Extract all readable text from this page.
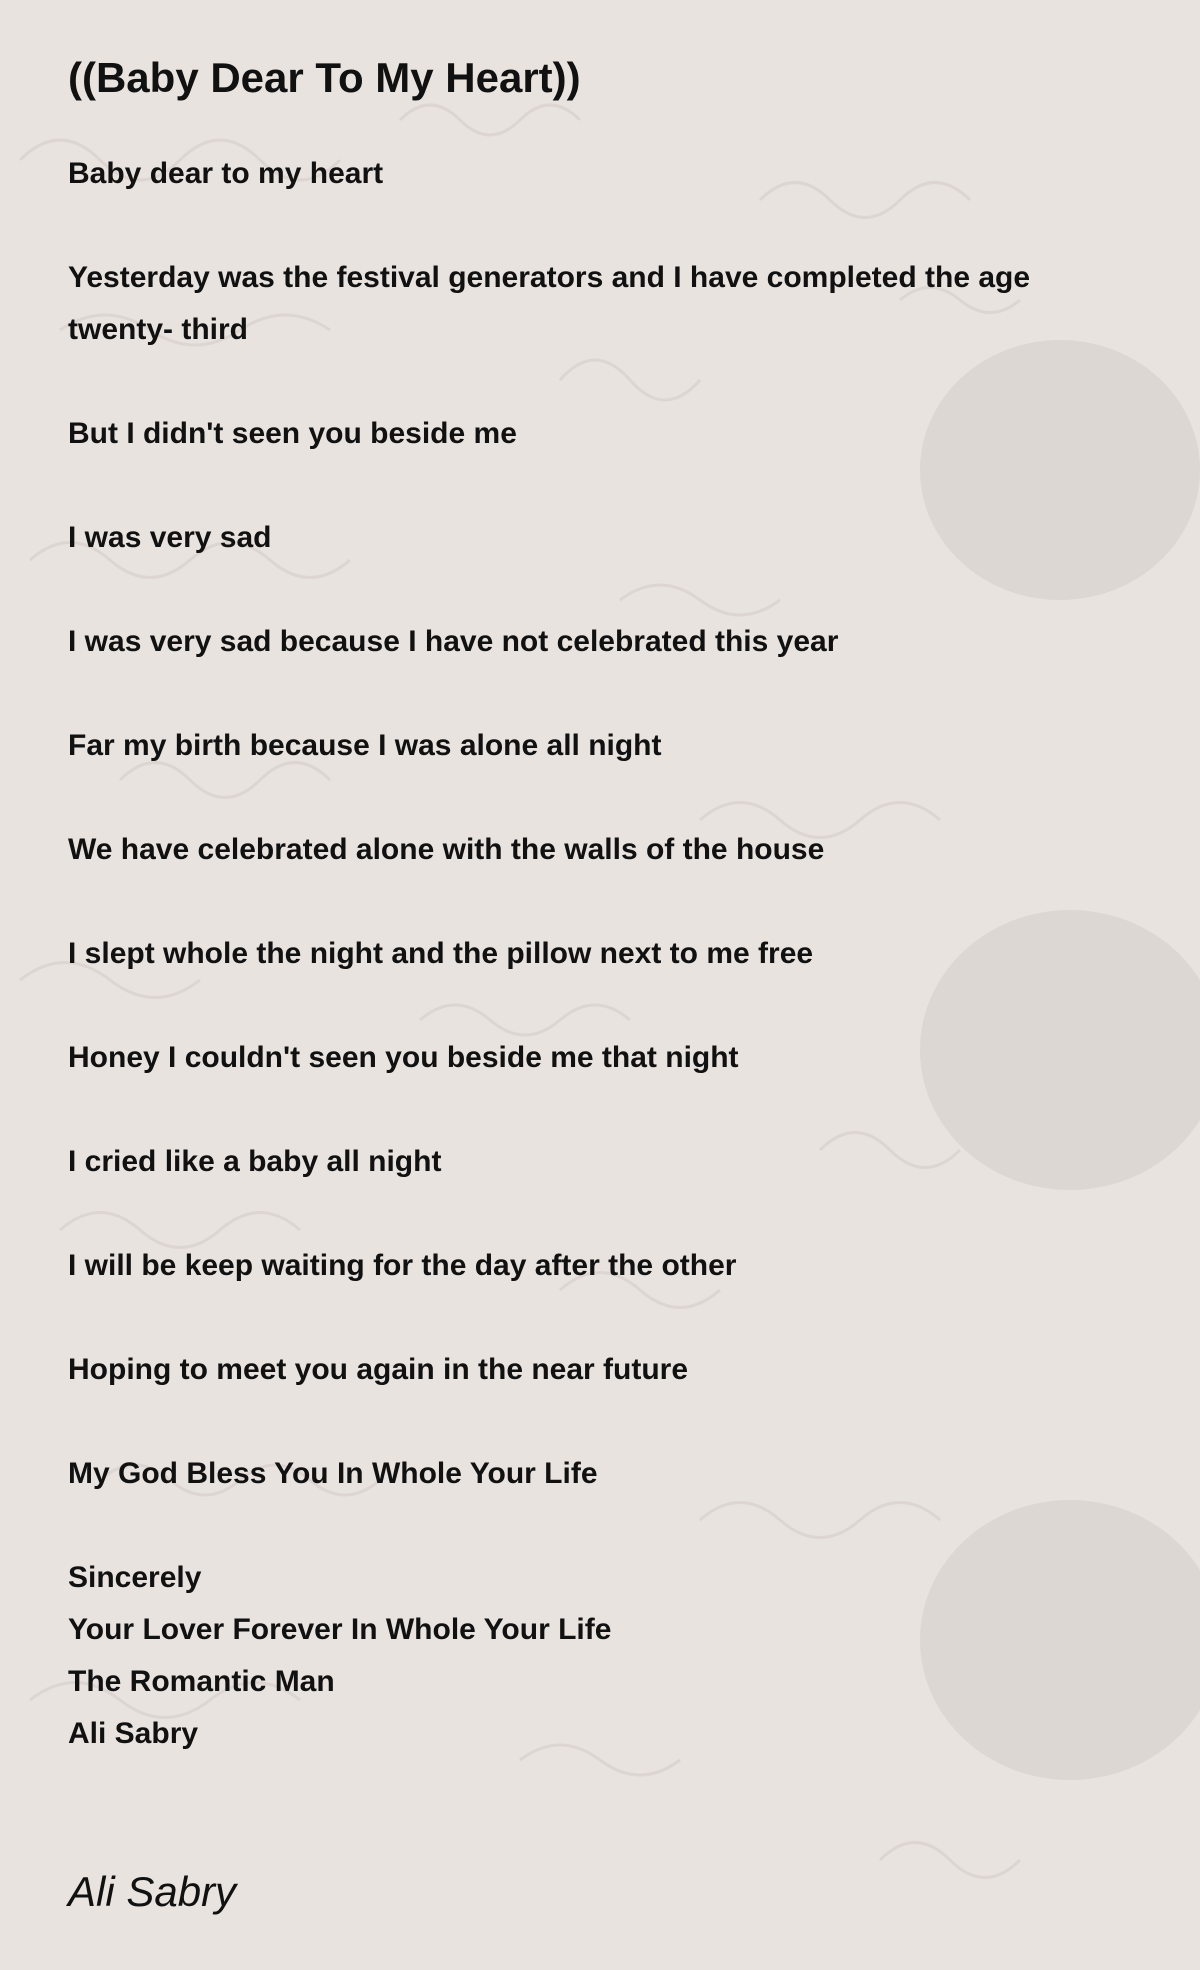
((Baby Dear To My Heart))

Baby dear to my heart

Yesterday was the festival generators and I have completed the age twenty- third

But I didn't seen you beside me

I was very sad

I was very sad because I have not celebrated this year

Far my birth because I was alone all night

We have celebrated alone with the walls of the house

I slept whole the night and the pillow next to me free

Honey I couldn't seen you beside me that night

I cried like a baby all night

I will be keep waiting for the day after the other

Hoping to meet you again in the near future

My God Bless You In Whole Your Life

Sincerely
Your Lover Forever In Whole Your Life
The Romantic Man
Ali Sabry

Ali Sabry
